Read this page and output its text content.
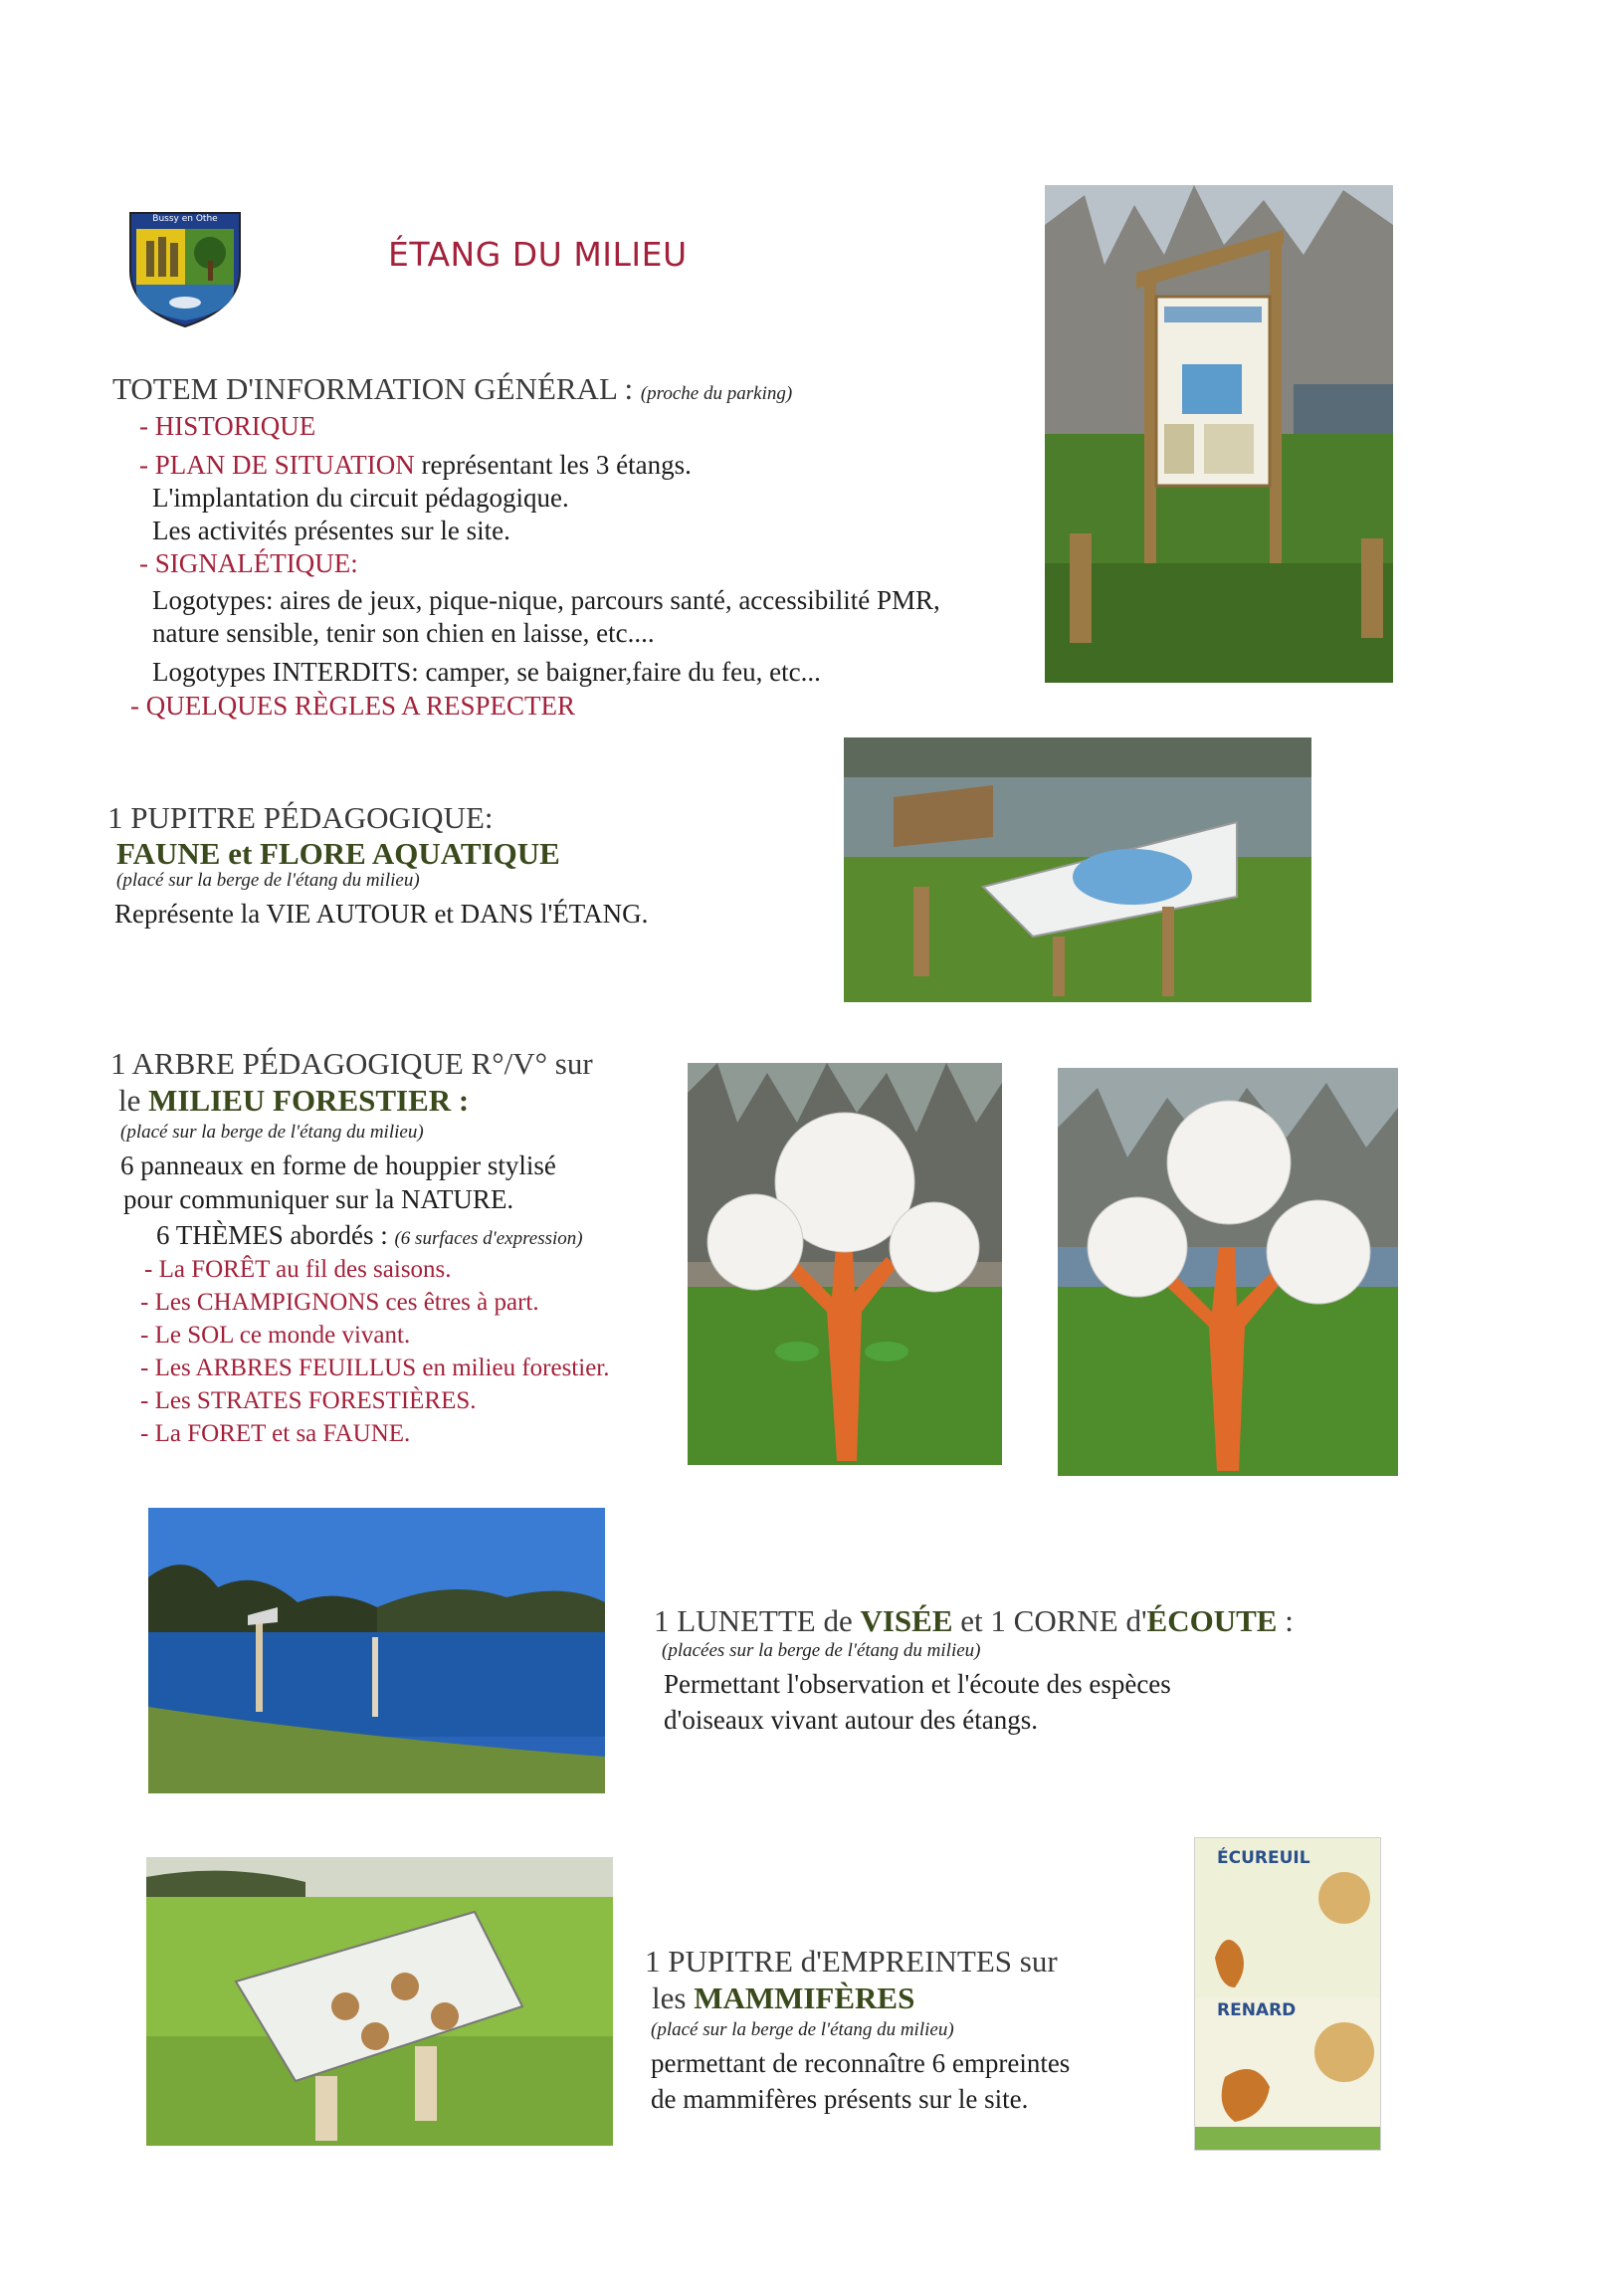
Bussy en Othe
ÉTANG DU MILIEU
TOTEM D'INFORMATION GÉNÉRAL : (proche du parking)
- HISTORIQUE
- PLAN DE SITUATION représentant les 3 étangs.
L'implantation du circuit pédagogique.
Les activités présentes sur le site.
- SIGNALÉTIQUE:
Logotypes: aires de jeux, pique-nique, parcours santé, accessibilité PMR,
nature sensible, tenir son chien en laisse, etc....
Logotypes INTERDITS: camper, se baigner,faire du feu, etc...
- QUELQUES RÈGLES A RESPECTER
1 PUPITRE PÉDAGOGIQUE:
FAUNE et FLORE AQUATIQUE
(placé sur la berge de l'étang du milieu)
Représente la VIE AUTOUR et DANS l'ÉTANG.
1 ARBRE PÉDAGOGIQUE R°/V° sur
le MILIEU FORESTIER :
(placé sur la berge de l'étang du milieu)
6 panneaux en forme de houppier stylisé
pour communiquer sur la NATURE.
6 THÈMES abordés : (6 surfaces d'expression)
- La FORÊT au fil des saisons.
- Les CHAMPIGNONS ces êtres à part.
- Le SOL ce monde vivant.
- Les ARBRES FEUILLUS en milieu forestier.
- Les STRATES FORESTIÈRES.
- La FORET et sa FAUNE.
1 LUNETTE de VISÉE et 1 CORNE d'ÉCOUTE :
(placées sur la berge de l'étang du milieu)
Permettant l'observation et l'écoute des espèces
d'oiseaux vivant autour des étangs.
1 PUPITRE d'EMPREINTES sur
les MAMMIFÈRES
(placé sur la berge de l'étang du milieu)
permettant de reconnaître 6 empreintes
de mammifères présents sur le site.
ÉCUREUIL
RENARD
